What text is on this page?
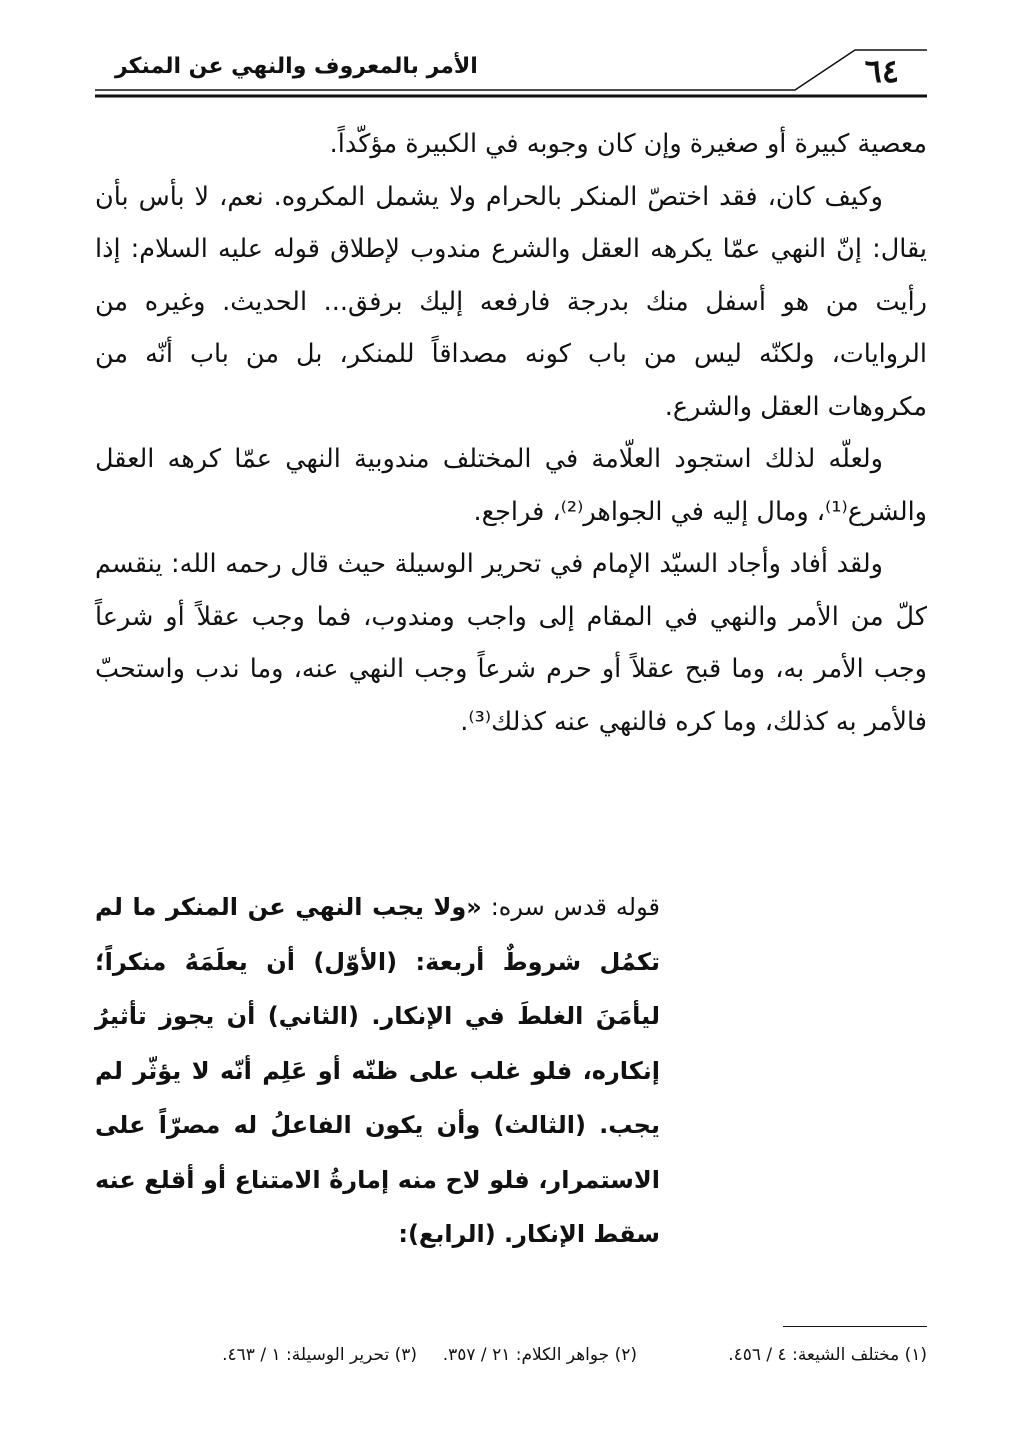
الأمر بالمعروف والنهي عن المنكر	٦٤

معصية كبيرة أو صغيرة وإن كان وجوبه في الكبيرة مؤكّداً.

وكيف كان، فقد اختصّ المنكر بالحرام ولا يشمل المكروه. نعم، لا بأس بأن يقال: إنّ النهي عمّا يكرهه العقل والشرع مندوب لإطلاق قوله عليه السلام: إذا رأيت من هو أسفل منك بدرجة فارفعه إليك برفق... الحديث. وغيره من الروايات، ولكنّه ليس من باب كونه مصداقاً للمنكر، بل من باب أنّه من مكروهات العقل والشرع.

ولعلّه لذلك استجود العلّامة في المختلف مندوبية النهي عمّا كرهه العقل والشرع⁽¹⁾، ومال إليه في الجواهر⁽²⁾، فراجع.

ولقد أفاد وأجاد السيّد الإمام في تحرير الوسيلة حيث قال رحمه الله: ينقسم كلّ من الأمر والنهي في المقام إلى واجب ومندوب، فما وجب عقلاً أو شرعاً وجب الأمر به، وما قبح عقلاً أو حرم شرعاً وجب النهي عنه، وما ندب واستحبّ فالأمر به كذلك، وما كره فالنهي عنه كذلك⁽³⁾.

قوله قدس سره: «ولا يجب النهي عن المنكر ما لم تكمُل شروطٌ أربعة: (الأوّل) أن يعلَمَهُ منكراً؛ ليأمَنَ الغلطَ في الإنكار. (الثاني) أن يجوز تأثيرُ إنكاره، فلو غلب على ظنّه أو عَلِم أنّه لا يؤثّر لم يجب. (الثالث) وأن يكون الفاعلُ له مصرّاً على الاستمرار، فلو لاح منه إمارةُ الامتناع أو أقلع عنه سقط الإنكار. (الرابع):
(١) مختلف الشيعة: ٤ / ٤٥٦.
(٢) جواهر الكلام: ٢١ / ٣٥٧.
(٣) تحرير الوسيلة: ١ / ٤٦٣.
